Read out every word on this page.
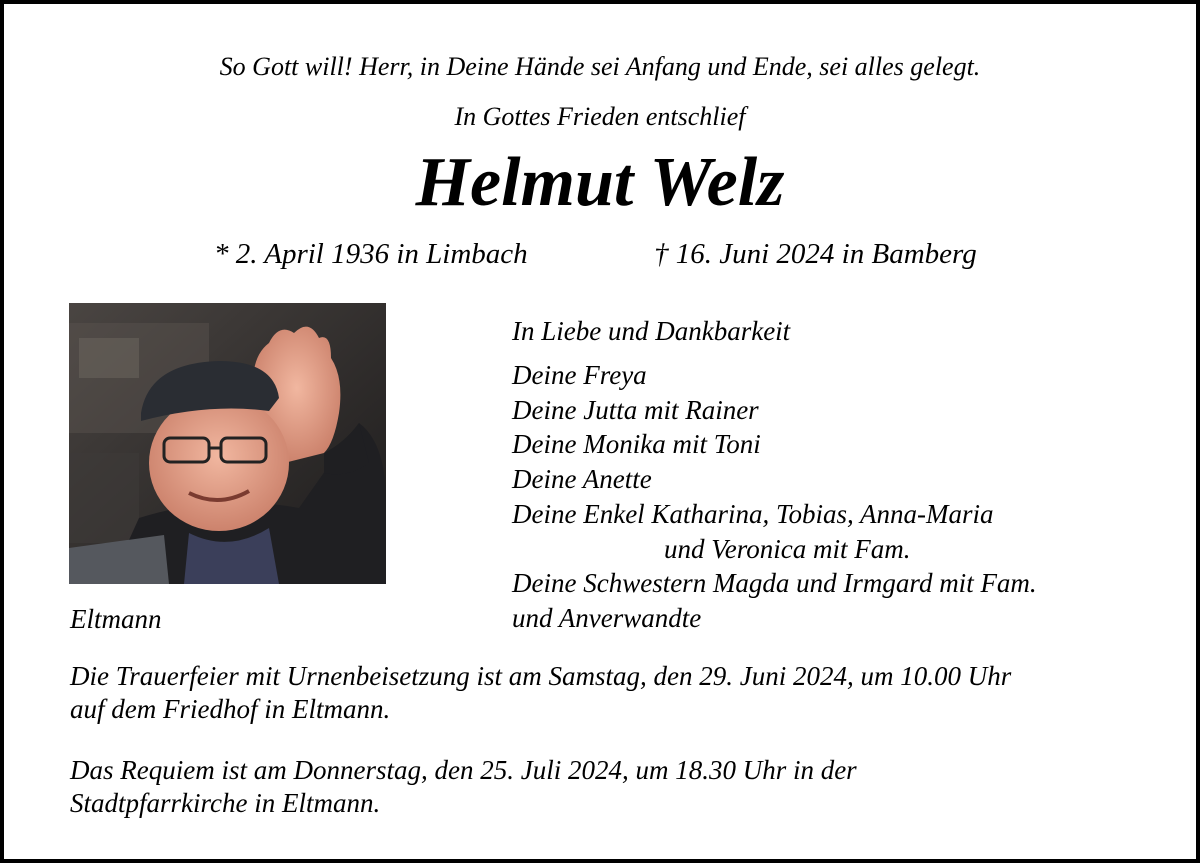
So Gott will! Herr, in Deine Hände sei Anfang und Ende, sei alles gelegt.
In Gottes Frieden entschlief
Helmut Welz
* 2. April 1936 in Limbach	† 16. Juni 2024 in Bamberg
Eltmann
In Liebe und Dankbarkeit
Deine Freya
Deine Jutta mit Rainer
Deine Monika mit Toni
Deine Anette
Deine Enkel Katharina, Tobias, Anna-Maria
und Veronica mit Fam.
Deine Schwestern Magda und Irmgard mit Fam.
und Anverwandte
Die Trauerfeier mit Urnenbeisetzung ist am Samstag, den 29. Juni 2024, um 10.00 Uhr
auf dem Friedhof in Eltmann.
Das Requiem ist am Donnerstag, den 25. Juli 2024, um 18.30 Uhr in der
Stadtpfarrkirche in Eltmann.
